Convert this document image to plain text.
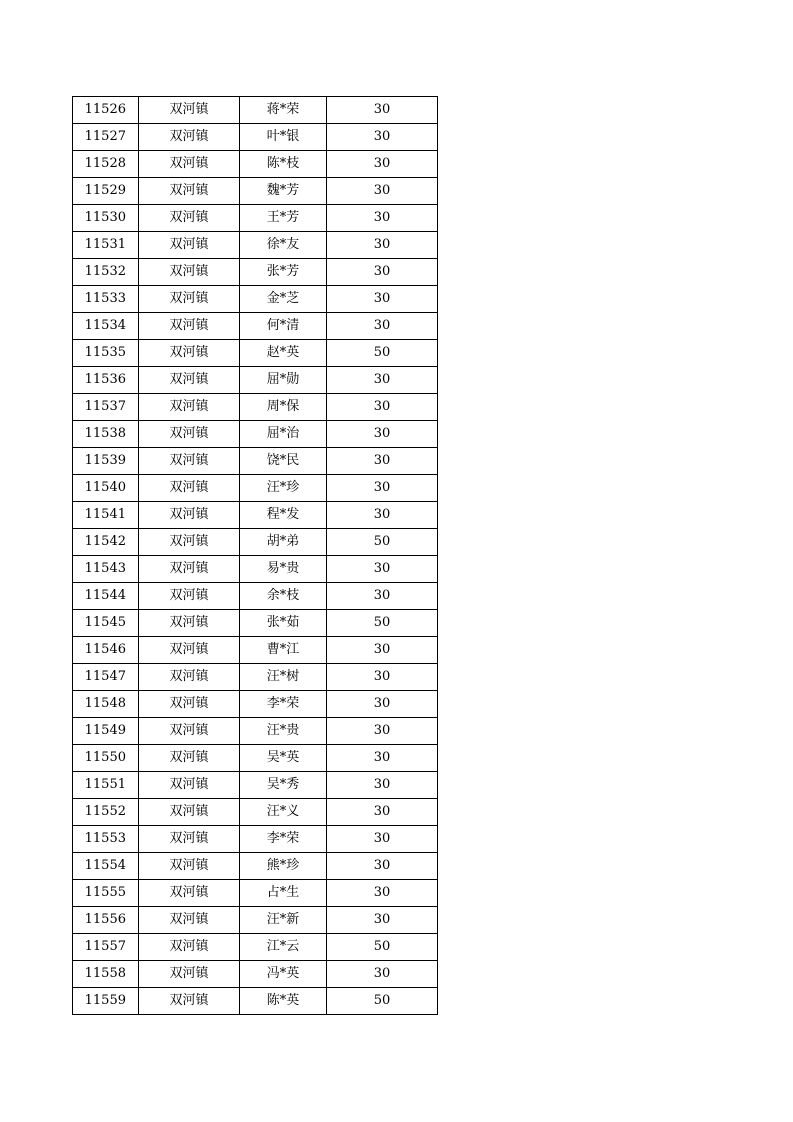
11526	双河镇	蒋*荣	30
11527	双河镇	叶*银	30
11528	双河镇	陈*枝	30
11529	双河镇	魏*芳	30
11530	双河镇	王*芳	30
11531	双河镇	徐*友	30
11532	双河镇	张*芳	30
11533	双河镇	金*芝	30
11534	双河镇	何*清	30
11535	双河镇	赵*英	50
11536	双河镇	屈*勋	30
11537	双河镇	周*保	30
11538	双河镇	屈*治	30
11539	双河镇	饶*民	30
11540	双河镇	汪*珍	30
11541	双河镇	程*发	30
11542	双河镇	胡*弟	50
11543	双河镇	易*贵	30
11544	双河镇	余*枝	30
11545	双河镇	张*茹	50
11546	双河镇	曹*江	30
11547	双河镇	汪*树	30
11548	双河镇	李*荣	30
11549	双河镇	汪*贵	30
11550	双河镇	吴*英	30
11551	双河镇	吴*秀	30
11552	双河镇	汪*义	30
11553	双河镇	李*荣	30
11554	双河镇	熊*珍	30
11555	双河镇	占*生	30
11556	双河镇	汪*新	30
11557	双河镇	江*云	50
11558	双河镇	冯*英	30
11559	双河镇	陈*英	50
